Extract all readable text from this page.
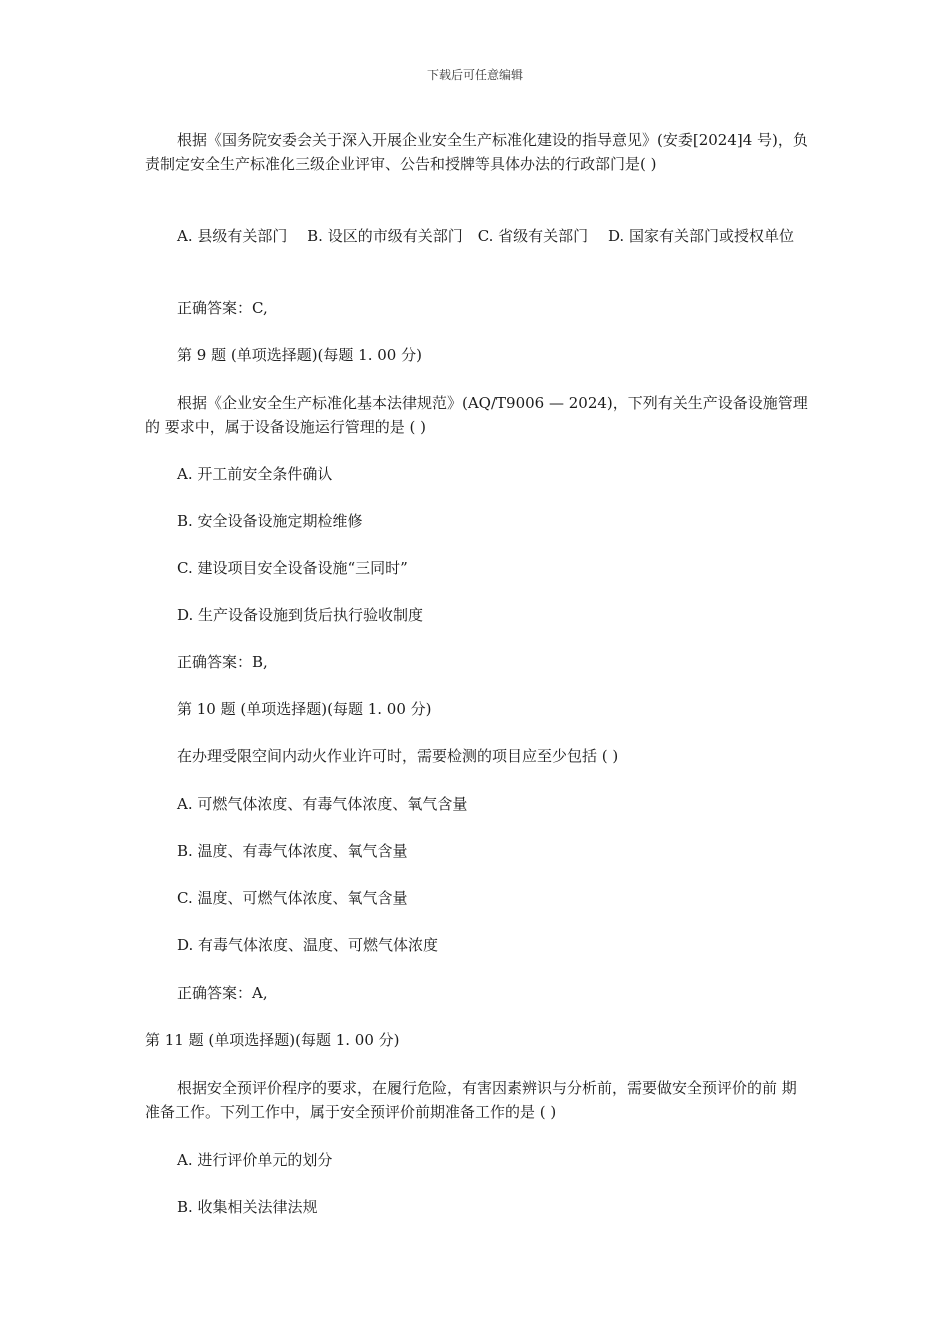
下载后可任意编辑
根据《国务院安委会关于深入开展企业安全生产标准化建设的指导意见》(安委[2024]4 号)，负责制定安全生产标准化三级企业评审、公告和授牌等具体办法的行政部门是( )
A. 县级有关部门　 B. 设区的市级有关部门　C. 省级有关部门　 D. 国家有关部门或授权单位
正确答案：C,
第 9 题 (单项选择题)(每题 1. 00 分)
根据《企业安全生产标准化基本法律规范》(AQ/T9006 — 2024)，下列有关生产设备设施管理的 要求中，属于设备设施运行管理的是 ( )
A. 开工前安全条件确认
B. 安全设备设施定期检维修
C. 建设项目安全设备设施“三同时”
D. 生产设备设施到货后执行验收制度
正确答案：B,
第 10 题 (单项选择题)(每题 1. 00 分)
在办理受限空间内动火作业许可时，需要检测的项目应至少包括 ( )
A. 可燃气体浓度、有毒气体浓度、氧气含量
B. 温度、有毒气体浓度、氧气含量
C. 温度、可燃气体浓度、氧气含量
D. 有毒气体浓度、温度、可燃气体浓度
正确答案：A,
第 11 题 (单项选择题)(每题 1. 00 分)
根据安全预评价程序的要求，在履行危险，有害因素辨识与分析前，需要做安全预评价的前 期准备工作。下列工作中，属于安全预评价前期准备工作的是 ( )
A. 进行评价单元的划分
B. 收集相关法律法规
